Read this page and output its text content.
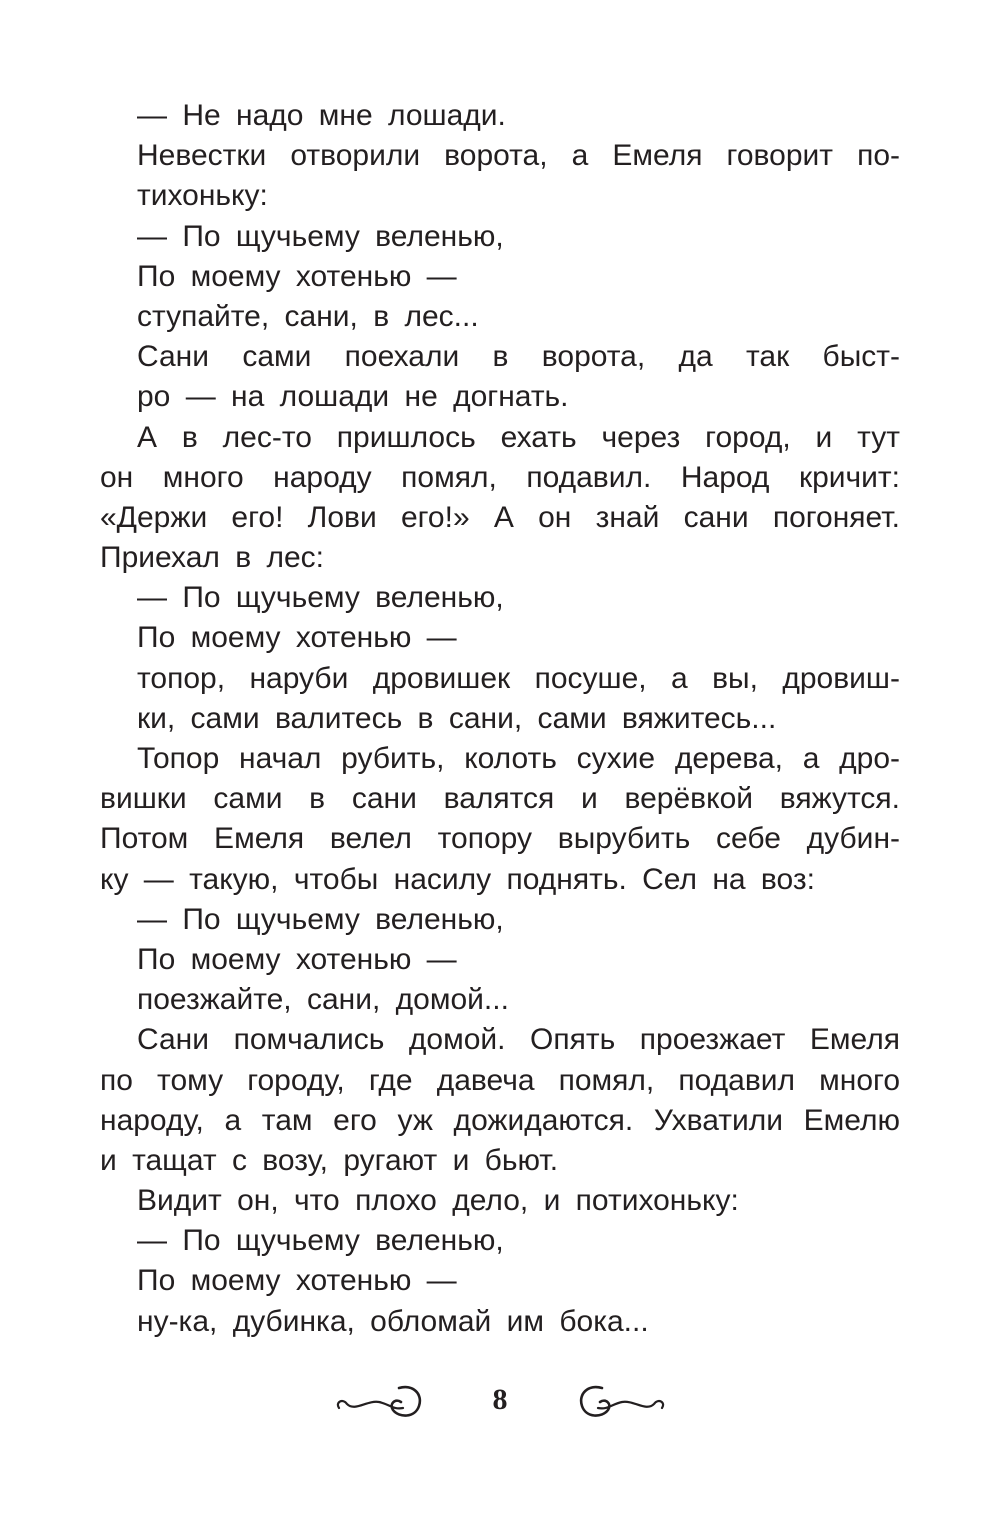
— Не надо мне лошади.
Невестки отворили ворота, а Емеля говорит по-
тихоньку:
— По щучьему веленью,
По моему хотенью —
ступайте, сани, в лес...
Сани сами поехали в ворота, да так быст-
ро — на лошади не догнать.
А в лес-то пришлось ехать через город, и тут
он много народу помял, подавил. Народ кричит:
«Держи его! Лови его!» А он знай сани погоняет.
Приехал в лес:
— По щучьему веленью,
По моему хотенью —
топор, наруби дровишек посуше, а вы, дровиш-
ки, сами валитесь в сани, сами вяжитесь...
Топор начал рубить, колоть сухие дерева, а дро-
вишки сами в сани валятся и верёвкой вяжутся.
Потом Емеля велел топору вырубить себе дубин-
ку — такую, чтобы насилу поднять. Сел на воз:
— По щучьему веленью,
По моему хотенью —
поезжайте, сани, домой...
Сани помчались домой. Опять проезжает Емеля
по тому городу, где давеча помял, подавил много
народу, а там его уж дожидаются. Ухватили Емелю
и тащат с возу, ругают и бьют.
Видит он, что плохо дело, и потихоньку:
— По щучьему веленью,
По моему хотенью —
ну-ка, дубинка, обломай им бока...
8
